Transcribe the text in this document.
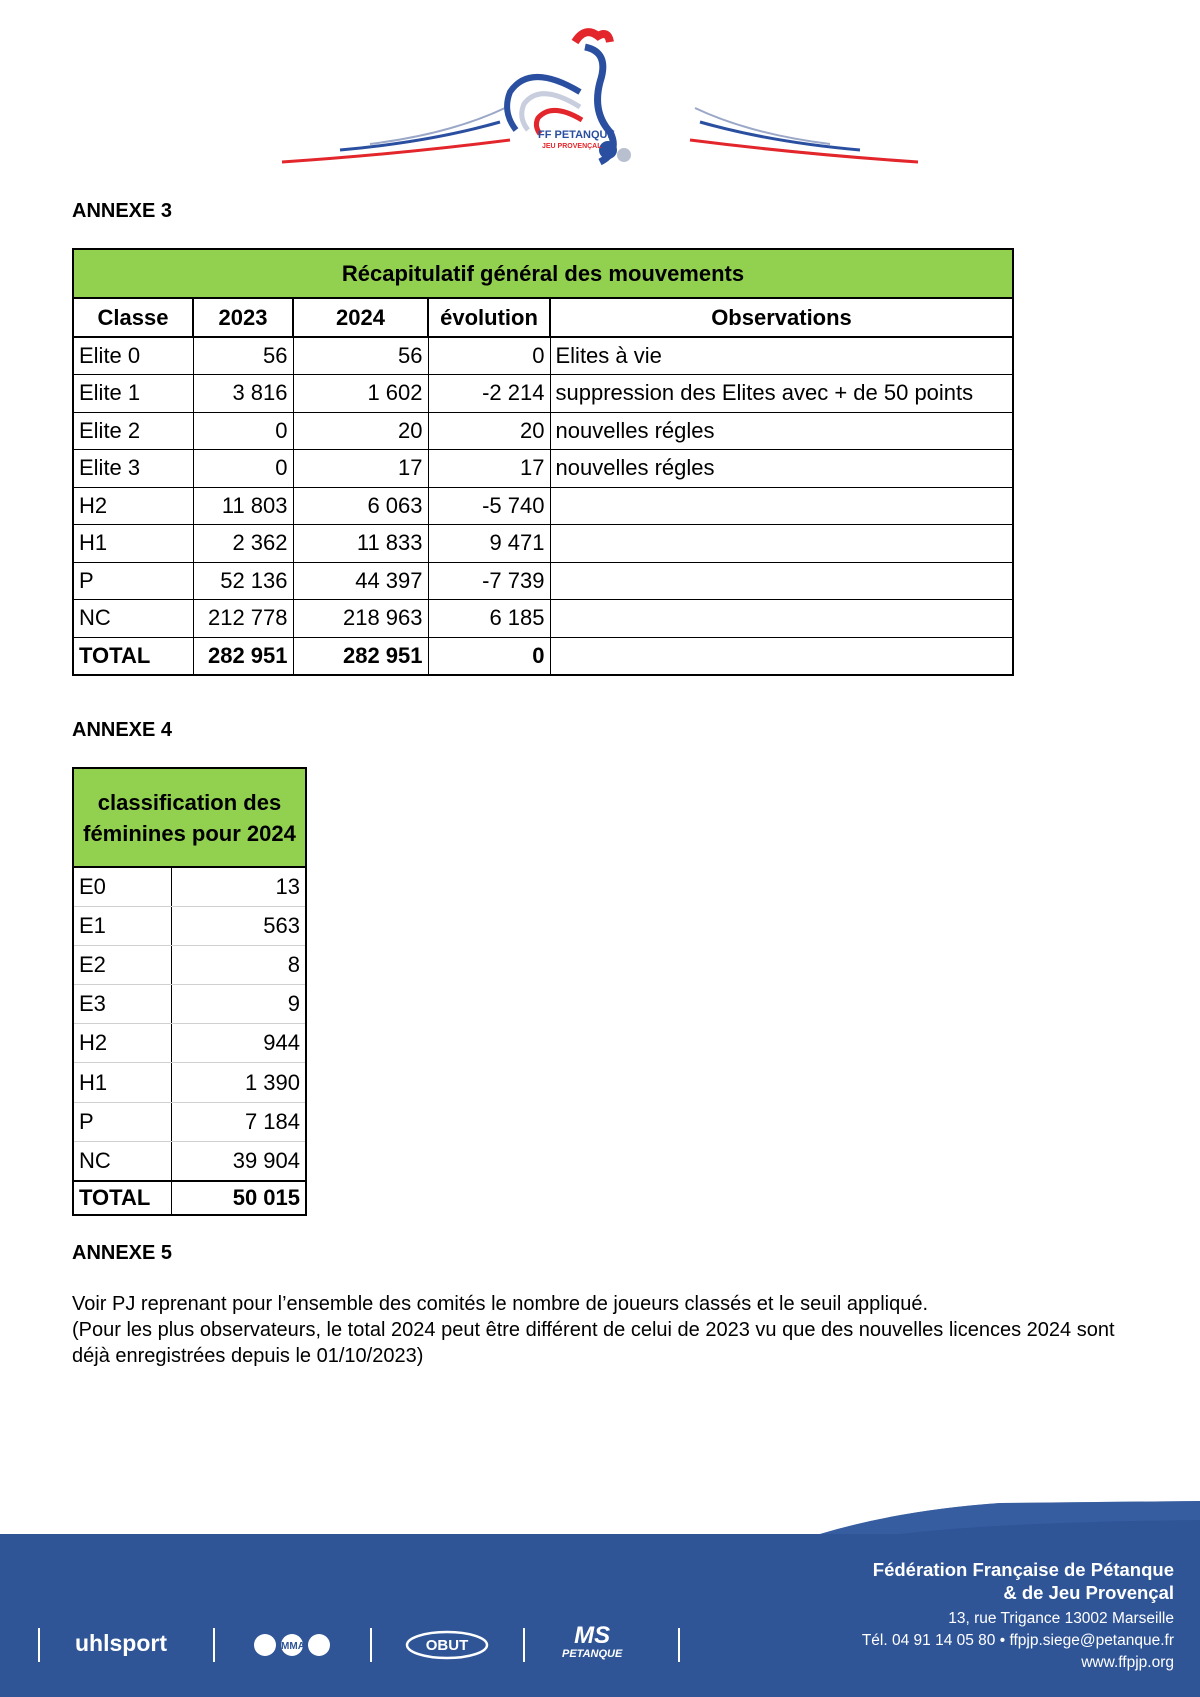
FF PETANQUE
JEU PROVENÇAL
ANNEXE 3
Récapitulatif général des mouvements				
Classe	2023	2024	évolution	Observations
Elite 0	56	56	0	Elites à vie
Elite 1	3 816	1 602	-2 214	suppression des Elites avec + de 50 points
Elite 2	0	20	20	nouvelles régles
Elite 3	0	17	17	nouvelles régles
H2	11 803	6 063	-5 740	
H1	2 362	11 833	9 471	
P	52 136	44 397	-7 739	
NC	212 778	218 963	6 185	
TOTAL	282 951	282 951	0	
ANNEXE 4
classification des féminines pour 2024	
E0	13
E1	563
E2	8
E3	9
H2	944
H1	1 390
P	7 184
NC	39 904
TOTAL	50 015
ANNEXE 5

Voir PJ reprenant pour l’ensemble des comités le nombre de joueurs classés et le seuil appliqué.

(Pour les plus observateurs, le total 2024 peut être différent de celui de 2023 vu que des nouvelles licences 2024 sont déjà enregistrées depuis le 01/10/2023)

uhlsport	MMA	OBUT	MS
PETANQUE
Fédération Française de Pétanque
& de Jeu Provençal
13, rue Trigance 13002 Marseille
Tél. 04 91 14 05 80 • ffpjp.siege@petanque.fr
www.ffpjp.org
